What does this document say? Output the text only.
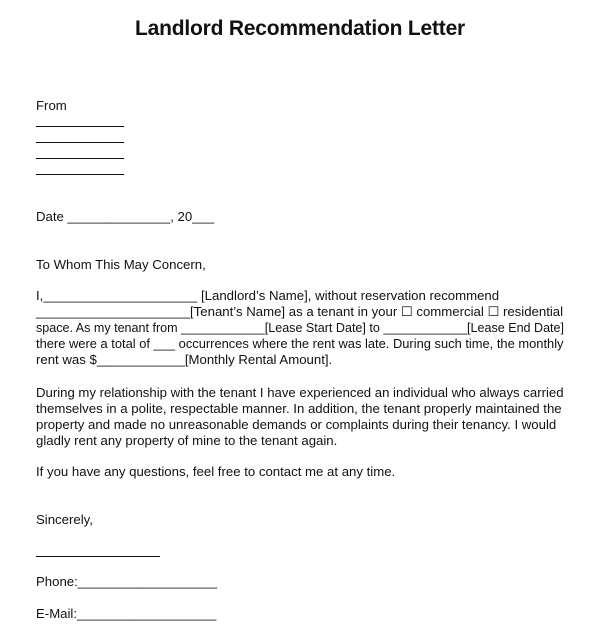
Landlord Recommendation Letter
From
Date ______________, 20___
To Whom This May Concern,
I,_____________________ [Landlord’s Name], without reservation recommend
_____________________[Tenant’s Name] as a tenant in your ☐ commercial ☐ residential
space. As my tenant from ____________[Lease Start Date] to ____________[Lease End Date]
there were a total of ___ occurrences where the rent was late. During such time, the monthly
rent was $____________[Monthly Rental Amount].
During my relationship with the tenant I have experienced an individual who always carried
themselves in a polite, respectable manner. In addition, the tenant properly maintained the
property and made no unreasonable demands or complaints during their tenancy. I would
gladly rent any property of mine to the tenant again.
If you have any questions, feel free to contact me at any time.
Sincerely,
Phone:___________________
E-Mail:___________________
